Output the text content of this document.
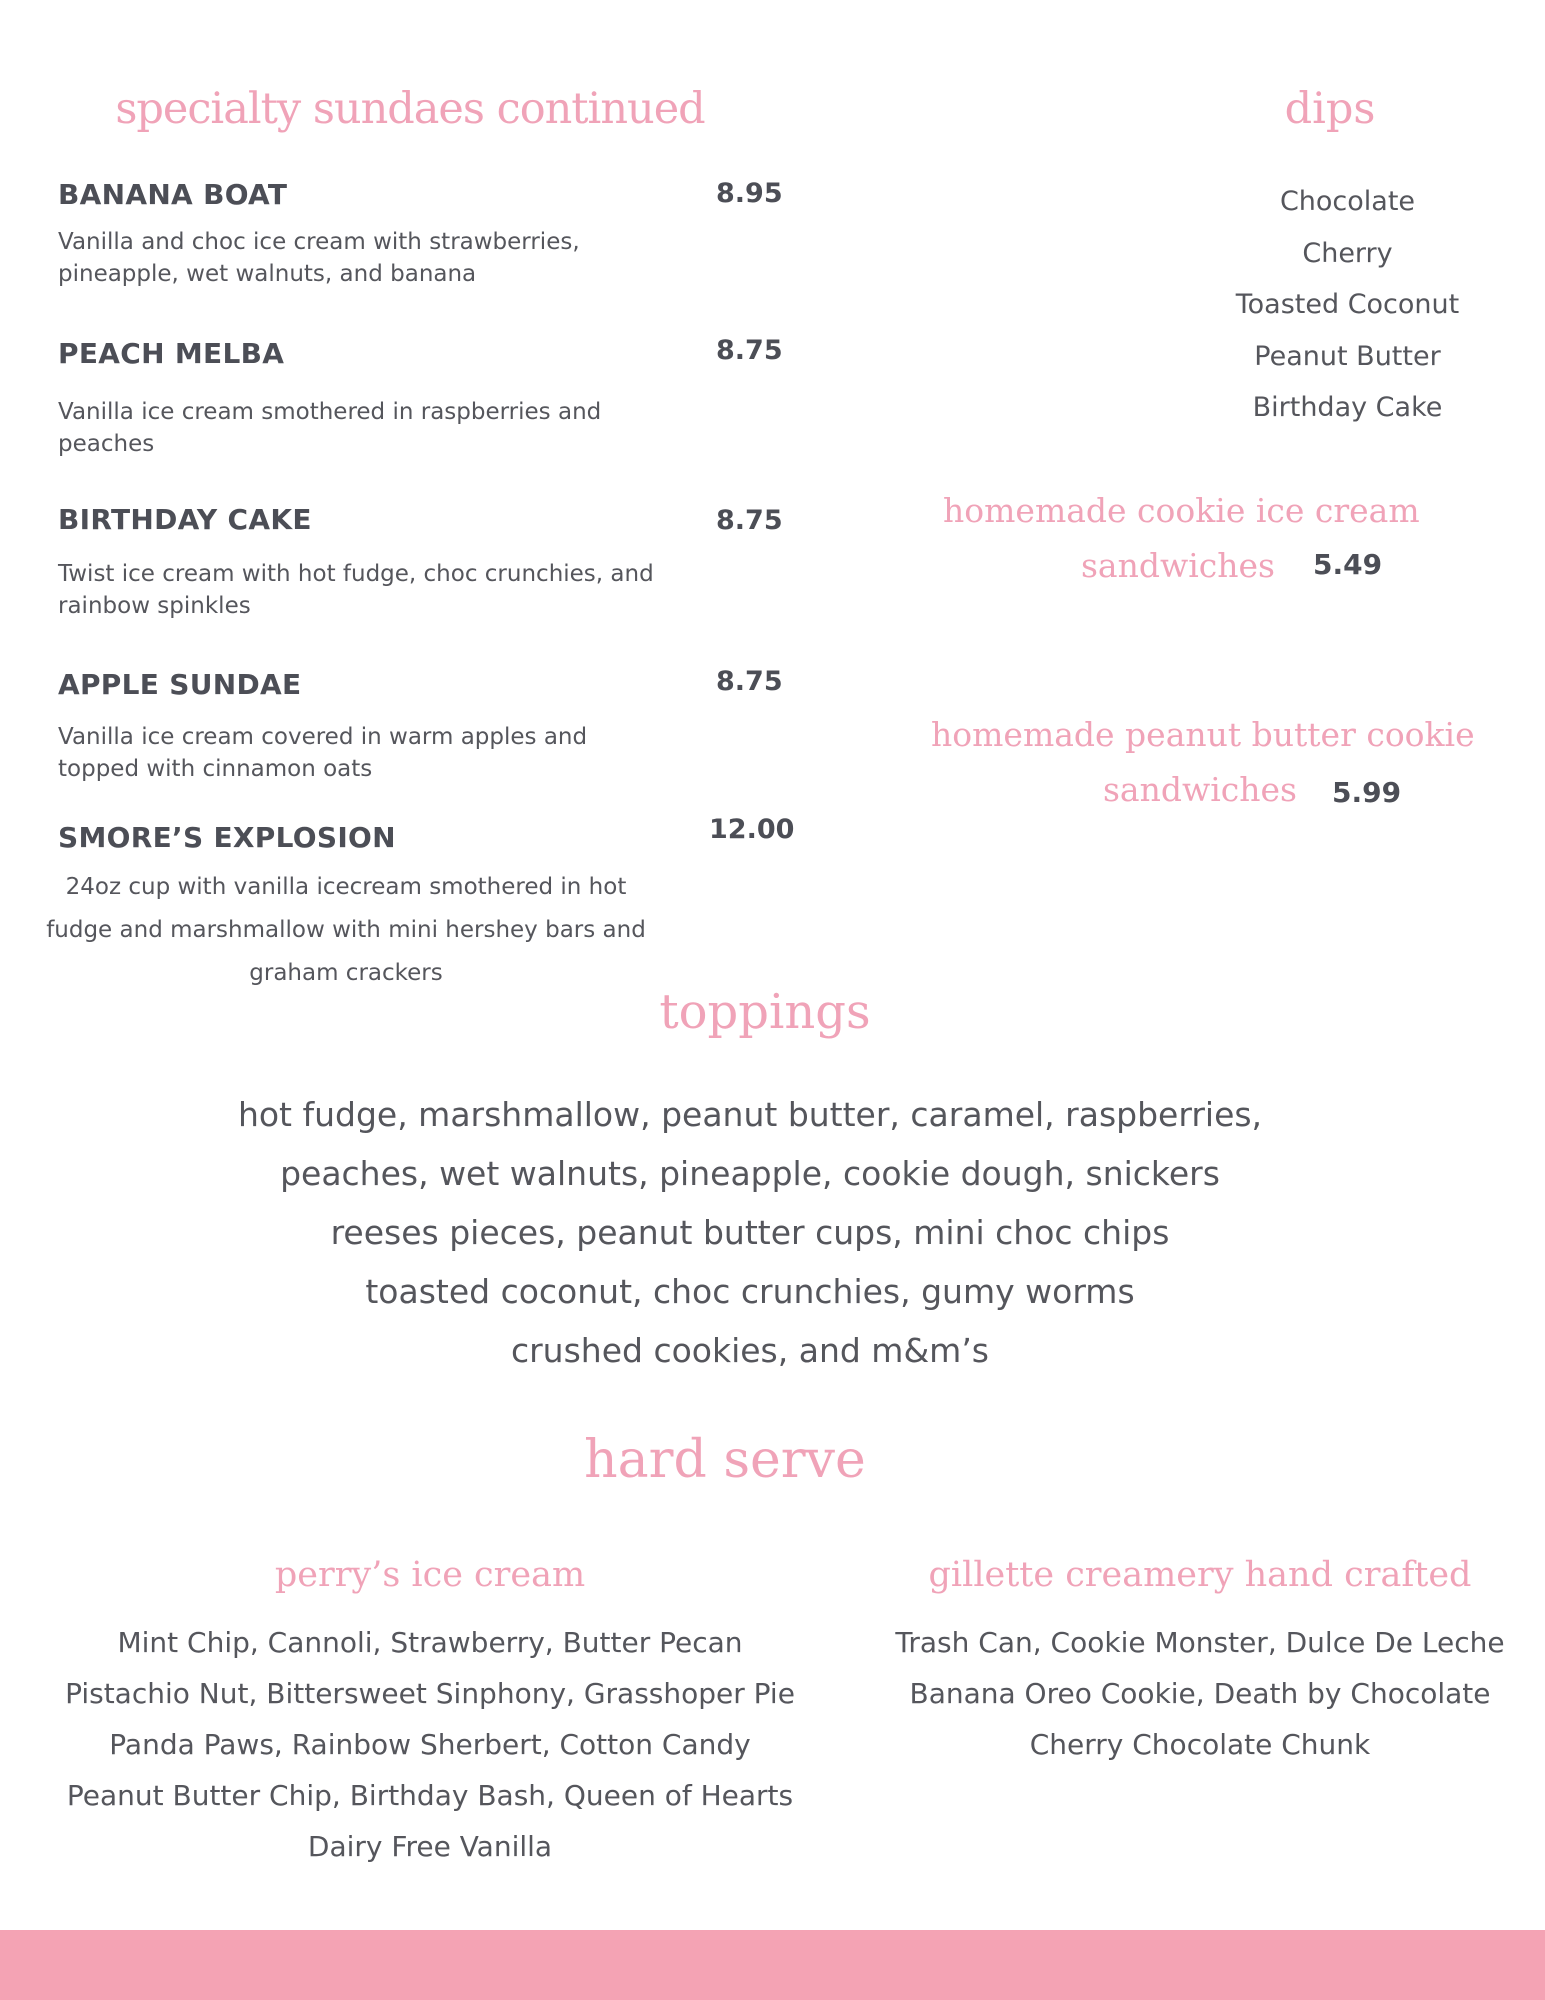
specialty sundaes continued
BANANA BOAT	8.95
Vanilla and choc ice cream with strawberries, pineapple, wet walnuts, and banana
PEACH MELBA	8.75
Vanilla ice cream smothered in raspberries and peaches
BIRTHDAY CAKE	8.75
Twist ice cream with hot fudge, choc crunchies, and rainbow spinkles
APPLE SUNDAE	8.75
Vanilla ice cream covered in warm apples and topped with cinnamon oats
SMORE’S EXPLOSION	12.00
24oz cup with vanilla icecream smothered in hot fudge and marshmallow with mini hershey bars and graham crackers
dips
Chocolate
Cherry
Toasted Coconut
Peanut Butter
Birthday Cake
homemade cookie ice cream
sandwiches 5.49
homemade peanut butter cookie
sandwiches 5.99
toppings
hot fudge, marshmallow, peanut butter, caramel, raspberries,
peaches, wet walnuts, pineapple, cookie dough, snickers
reeses pieces, peanut butter cups, mini choc chips
toasted coconut, choc crunchies, gumy worms
crushed cookies, and m&m’s
hard serve
perry’s ice cream
Mint Chip, Cannoli, Strawberry, Butter Pecan
Pistachio Nut, Bittersweet Sinphony, Grasshoper Pie
Panda Paws, Rainbow Sherbert, Cotton Candy
Peanut Butter Chip, Birthday Bash, Queen of Hearts
Dairy Free Vanilla
gillette creamery hand crafted
Trash Can, Cookie Monster, Dulce De Leche
Banana Oreo Cookie, Death by Chocolate
Cherry Chocolate Chunk
